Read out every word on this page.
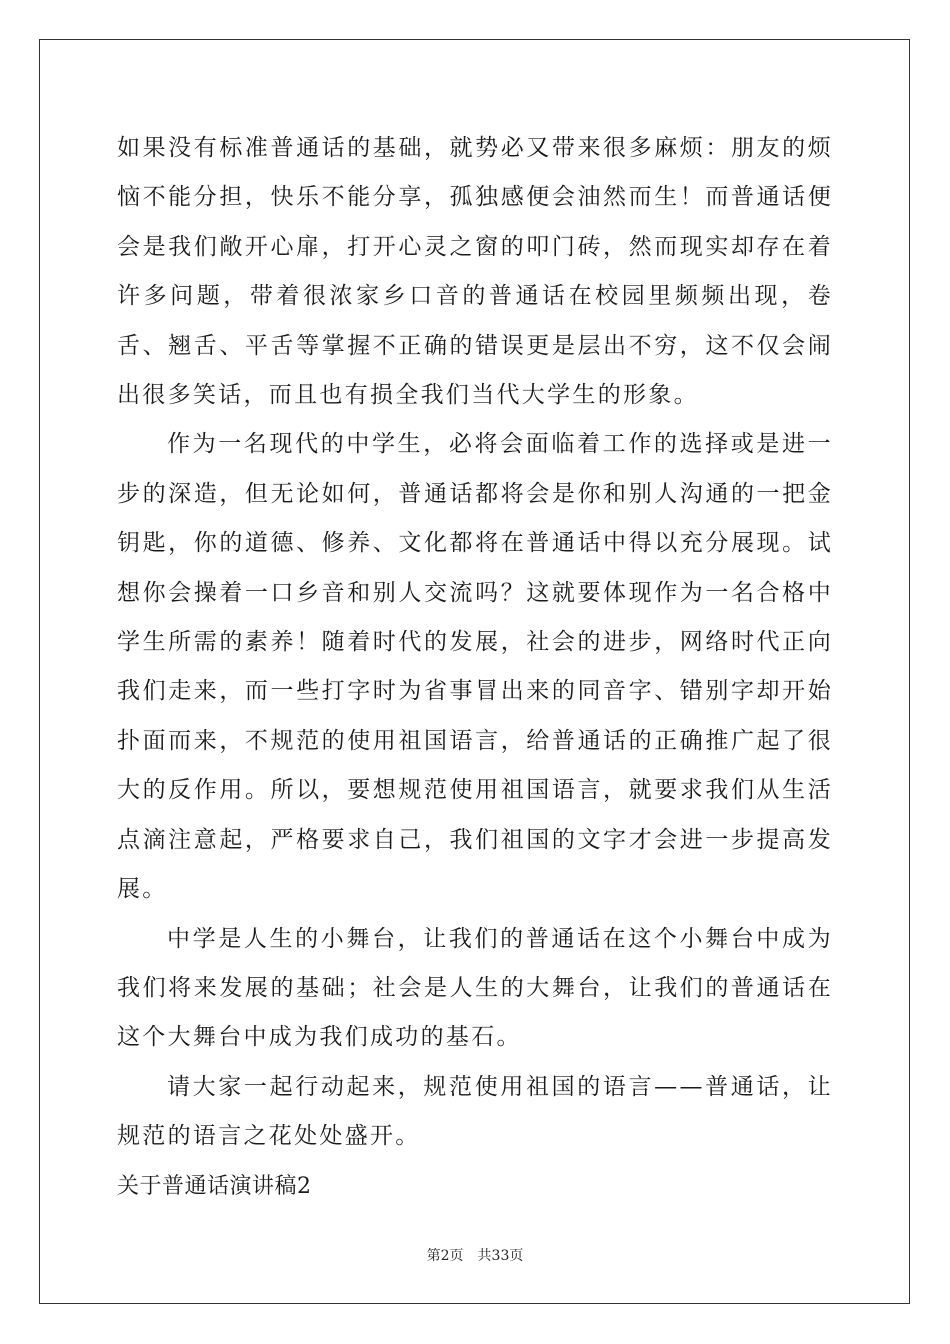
如果没有标准普通话的基础，就势必又带来很多麻烦：朋友的烦恼不能分担，快乐不能分享，孤独感便会油然而生！而普通话便会是我们敞开心扉，打开心灵之窗的叩门砖，然而现实却存在着许多问题，带着很浓家乡口音的普通话在校园里频频出现，卷舌、翘舌、平舌等掌握不正确的错误更是层出不穷，这不仅会闹出很多笑话，而且也有损全我们当代大学生的形象。

作为一名现代的中学生，必将会面临着工作的选择或是进一步的深造，但无论如何，普通话都将会是你和别人沟通的一把金钥匙，你的道德、修养、文化都将在普通话中得以充分展现。试想你会操着一口乡音和别人交流吗？这就要体现作为一名合格中学生所需的素养！随着时代的发展，社会的进步，网络时代正向我们走来，而一些打字时为省事冒出来的同音字、错别字却开始扑面而来，不规范的使用祖国语言，给普通话的正确推广起了很大的反作用。所以，要想规范使用祖国语言，就要求我们从生活点滴注意起，严格要求自己，我们祖国的文字才会进一步提高发展。

中学是人生的小舞台，让我们的普通话在这个小舞台中成为我们将来发展的基础；社会是人生的大舞台，让我们的普通话在这个大舞台中成为我们成功的基石。

请大家一起行动起来，规范使用祖国的语言——普通话，让规范的语言之花处处盛开。

关于普通话演讲稿2

第2页　共33页
